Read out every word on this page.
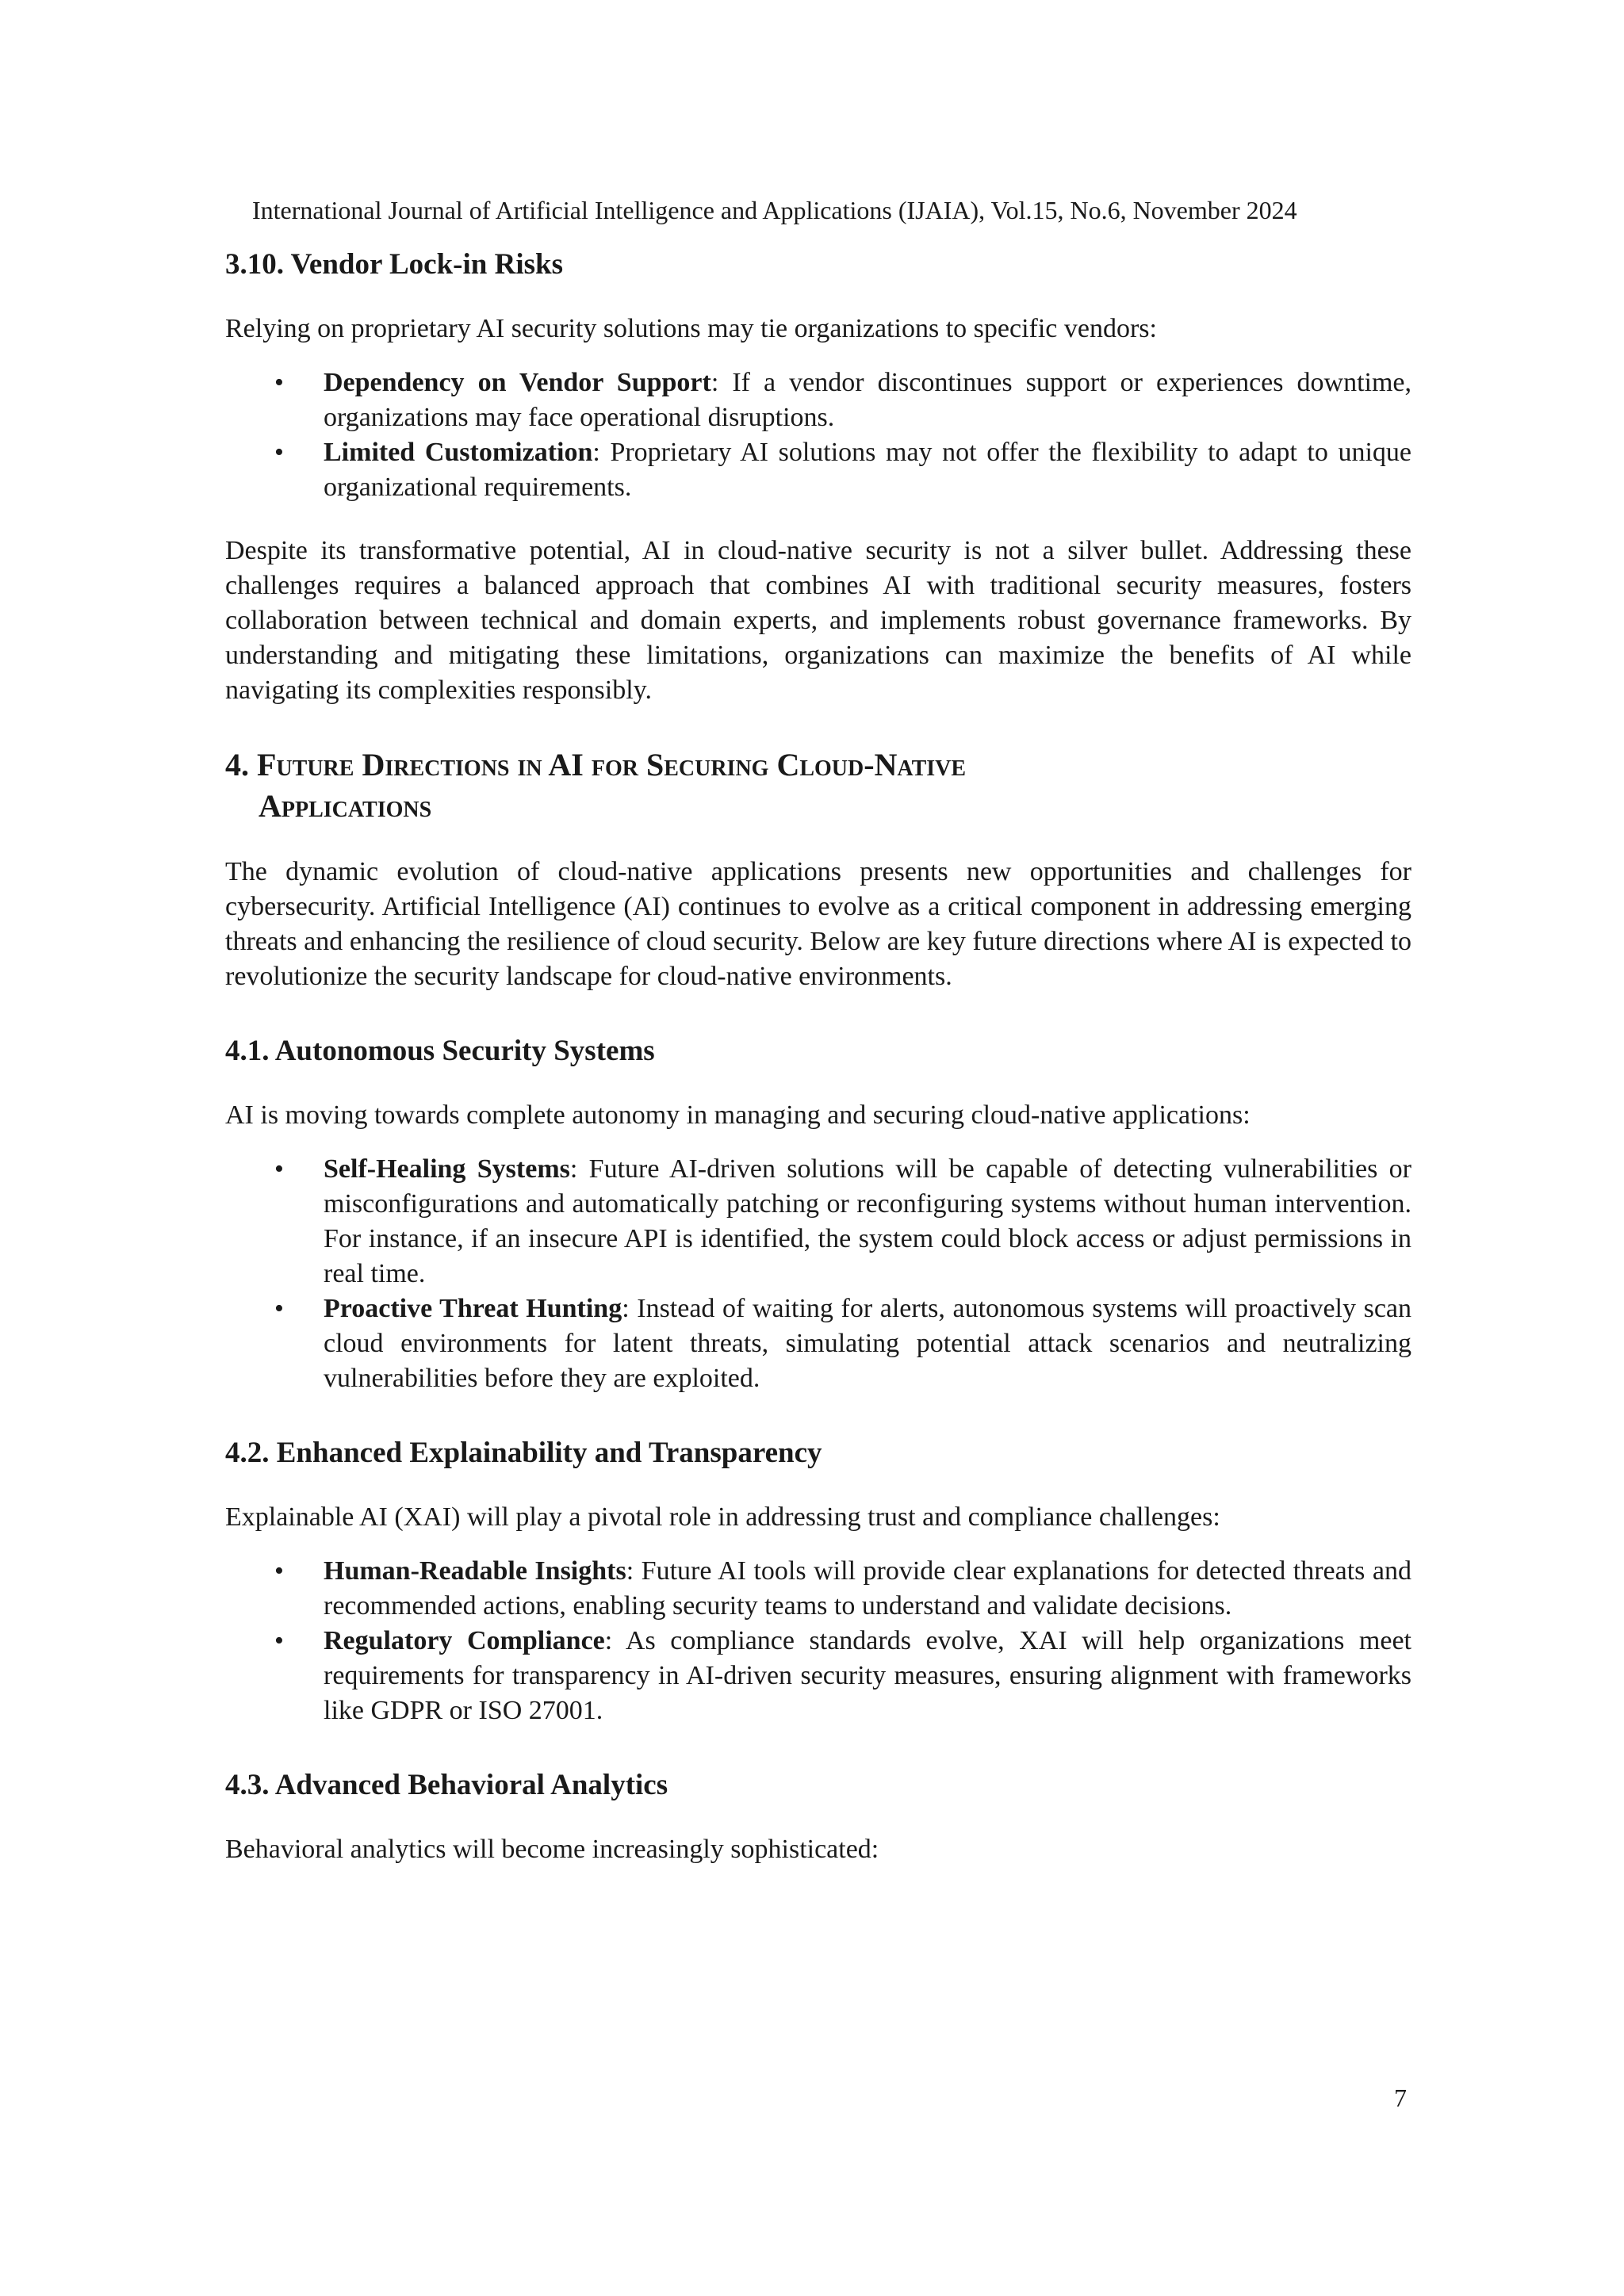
International Journal of Artificial Intelligence and Applications (IJAIA), Vol.15, No.6, November 2024
3.10. Vendor Lock-in Risks

Relying on proprietary AI security solutions may tie organizations to specific vendors:

• Dependency on Vendor Support: If a vendor discontinues support or experiences downtime, organizations may face operational disruptions.
• Limited Customization: Proprietary AI solutions may not offer the flexibility to adapt to unique organizational requirements.

Despite its transformative potential, AI in cloud-native security is not a silver bullet. Addressing these challenges requires a balanced approach that combines AI with traditional security measures, fosters collaboration between technical and domain experts, and implements robust governance frameworks. By understanding and mitigating these limitations, organizations can maximize the benefits of AI while navigating its complexities responsibly.

4. Future Directions in AI for Securing Cloud-Native
Applications

The dynamic evolution of cloud-native applications presents new opportunities and challenges for cybersecurity. Artificial Intelligence (AI) continues to evolve as a critical component in addressing emerging threats and enhancing the resilience of cloud security. Below are key future directions where AI is expected to revolutionize the security landscape for cloud-native environments.

4.1. Autonomous Security Systems

AI is moving towards complete autonomy in managing and securing cloud-native applications:

• Self-Healing Systems: Future AI-driven solutions will be capable of detecting vulnerabilities or misconfigurations and automatically patching or reconfiguring systems without human intervention. For instance, if an insecure API is identified, the system could block access or adjust permissions in real time.
• Proactive Threat Hunting: Instead of waiting for alerts, autonomous systems will proactively scan cloud environments for latent threats, simulating potential attack scenarios and neutralizing vulnerabilities before they are exploited.
4.2. Enhanced Explainability and Transparency

Explainable AI (XAI) will play a pivotal role in addressing trust and compliance challenges:

• Human-Readable Insights: Future AI tools will provide clear explanations for detected threats and recommended actions, enabling security teams to understand and validate decisions.
• Regulatory Compliance: As compliance standards evolve, XAI will help organizations meet requirements for transparency in AI-driven security measures, ensuring alignment with frameworks like GDPR or ISO 27001.
4.3. Advanced Behavioral Analytics

Behavioral analytics will become increasingly sophisticated:

7
